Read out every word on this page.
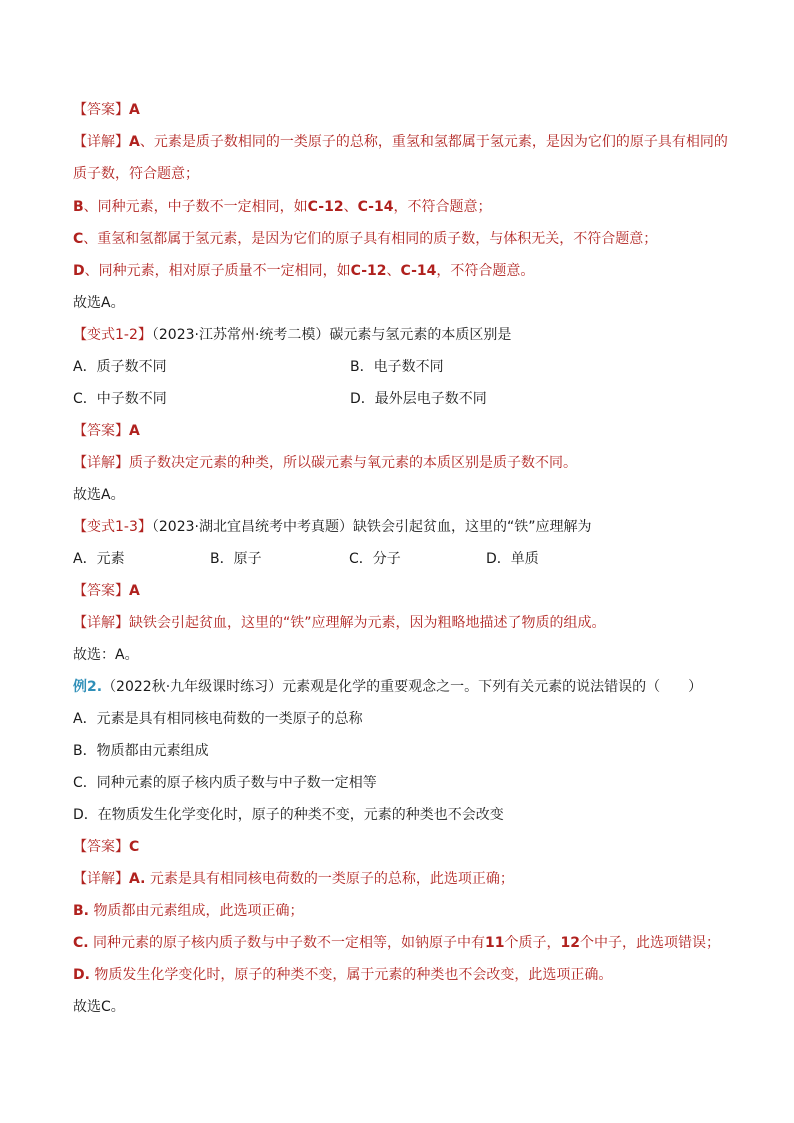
【答案】A
【详解】A、元素是质子数相同的一类原子的总称，重氢和氢都属于氢元素，是因为它们的原子具有相同的
质子数，符合题意；
B、同种元素，中子数不一定相同，如C-12、C-14，不符合题意；
C、重氢和氢都属于氢元素，是因为它们的原子具有相同的质子数，与体积无关，不符合题意；
D、同种元素，相对原子质量不一定相同，如C-12、C-14，不符合题意。
故选A。
【变式1-2】（2023·江苏常州·统考二模）碳元素与氢元素的本质区别是
A．质子数不同	B．电子数不同
C．中子数不同	D．最外层电子数不同
【答案】A
【详解】质子数决定元素的种类，所以碳元素与氧元素的本质区别是质子数不同。
故选A。
【变式1-3】（2023·湖北宜昌统考中考真题）缺铁会引起贫血，这里的“铁”应理解为
A．元素	B．原子	C．分子	D．单质
【答案】A
【详解】缺铁会引起贫血，这里的“铁”应理解为元素，因为粗略地描述了物质的组成。
故选：A。
例2.（2022秋·九年级课时练习）元素观是化学的重要观念之一。下列有关元素的说法错误的（　　）
A．元素是具有相同核电荷数的一类原子的总称
B．物质都由元素组成
C．同种元素的原子核内质子数与中子数一定相等
D．在物质发生化学变化时，原子的种类不变，元素的种类也不会改变
【答案】C
【详解】A. 元素是具有相同核电荷数的一类原子的总称，此选项正确；
B. 物质都由元素组成，此选项正确；
C. 同种元素的原子核内质子数与中子数不一定相等，如钠原子中有11个质子，12个中子，此选项错误；
D. 物质发生化学变化时，原子的种类不变，属于元素的种类也不会改变，此选项正确。
故选C。
